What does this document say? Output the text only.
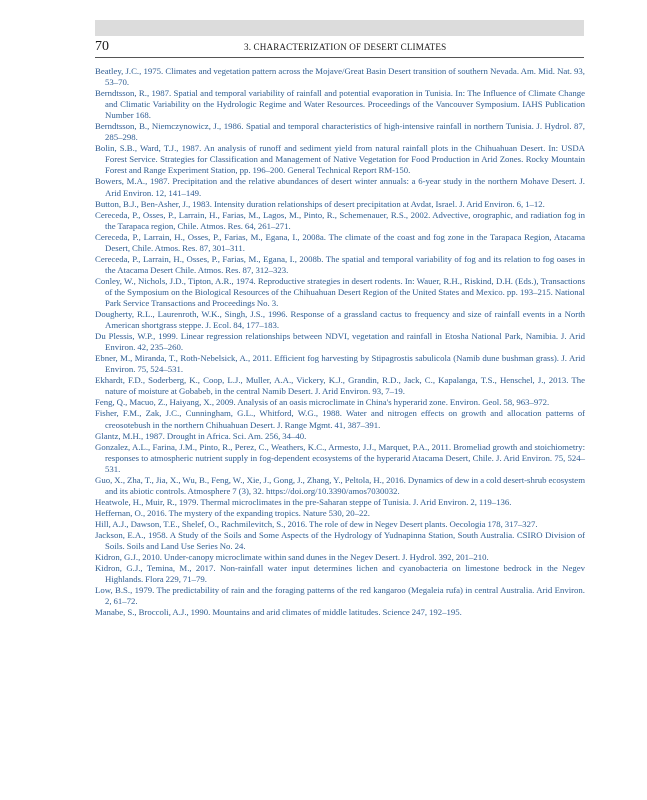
70	3. CHARACTERIZATION OF DESERT CLIMATES
Beatley, J.C., 1975. Climates and vegetation pattern across the Mojave/Great Basin Desert transition of southern Nevada. Am. Mid. Nat. 93, 53–70.
Berndtsson, R., 1987. Spatial and temporal variability of rainfall and potential evaporation in Tunisia. In: The Influence of Climate Change and Climatic Variability on the Hydrologic Regime and Water Resources. Proceedings of the Vancouver Symposium. IAHS Publication Number 168.
Berndtsson, B., Niemczynowicz, J., 1986. Spatial and temporal characteristics of high-intensive rainfall in northern Tunisia. J. Hydrol. 87, 285–298.
Bolin, S.B., Ward, T.J., 1987. An analysis of runoff and sediment yield from natural rainfall plots in the Chihuahuan Desert. In: USDA Forest Service. Strategies for Classification and Management of Native Vegetation for Food Production in Arid Zones. Rocky Mountain Forest and Range Experiment Station, pp. 196–200. General Technical Report RM-150.
Bowers, M.A., 1987. Precipitation and the relative abundances of desert winter annuals: a 6-year study in the northern Mohave Desert. J. Arid Environ. 12, 141–149.
Button, B.J., Ben-Asher, J., 1983. Intensity duration relationships of desert precipitation at Avdat, Israel. J. Arid Environ. 6, 1–12.
Cereceda, P., Osses, P., Larrain, H., Farias, M., Lagos, M., Pinto, R., Schemenauer, R.S., 2002. Advective, orographic, and radiation fog in the Tarapaca region, Chile. Atmos. Res. 64, 261–271.
Cereceda, P., Larrain, H., Osses, P., Farias, M., Egana, I., 2008a. The climate of the coast and fog zone in the Tarapaca Region, Atacama Desert, Chile. Atmos. Res. 87, 301–311.
Cereceda, P., Larrain, H., Osses, P., Farias, M., Egana, I., 2008b. The spatial and temporal variability of fog and its relation to fog oases in the Atacama Desert Chile. Atmos. Res. 87, 312–323.
Conley, W., Nichols, J.D., Tipton, A.R., 1974. Reproductive strategies in desert rodents. In: Wauer, R.H., Riskind, D.H. (Eds.), Transactions of the Symposium on the Biological Resources of the Chihuahuan Desert Region of the United States and Mexico. pp. 193–215. National Park Service Transactions and Proceedings No. 3.
Dougherty, R.L., Laurenroth, W.K., Singh, J.S., 1996. Response of a grassland cactus to frequency and size of rainfall events in a North American shortgrass steppe. J. Ecol. 84, 177–183.
Du Plessis, W.P., 1999. Linear regression relationships between NDVI, vegetation and rainfall in Etosha National Park, Namibia. J. Arid Environ. 42, 235–260.
Ebner, M., Miranda, T., Roth-Nebelsick, A., 2011. Efficient fog harvesting by Stipagrostis sabulicola (Namib dune bushman grass). J. Arid Environ. 75, 524–531.
Ekhardt, F.D., Soderberg, K., Coop, L.J., Muller, A.A., Vickery, K.J., Grandin, R.D., Jack, C., Kapalanga, T.S., Henschel, J., 2013. The nature of moisture at Gobabeb, in the central Namib Desert. J. Arid Environ. 93, 7–19.
Feng, Q., Macuo, Z., Haiyang, X., 2009. Analysis of an oasis microclimate in China's hyperarid zone. Environ. Geol. 58, 963–972.
Fisher, F.M., Zak, J.C., Cunningham, G.L., Whitford, W.G., 1988. Water and nitrogen effects on growth and allocation patterns of creosotebush in the northern Chihuahuan Desert. J. Range Mgmt. 41, 387–391.
Glantz, M.H., 1987. Drought in Africa. Sci. Am. 256, 34–40.
Gonzalez, A.L., Farina, J.M., Pinto, R., Perez, C., Weathers, K.C., Armesto, J.J., Marquet, P.A., 2011. Bromeliad growth and stoichiometry: responses to atmospheric nutrient supply in fog-dependent ecosystems of the hyperarid Atacama Desert, Chile. J. Arid Environ. 75, 524–531.
Guo, X., Zha, T., Jia, X., Wu, B., Feng, W., Xie, J., Gong, J., Zhang, Y., Peltola, H., 2016. Dynamics of dew in a cold desert-shrub ecosystem and its abiotic controls. Atmosphere 7 (3), 32. https://doi.org/10.3390/amos7030032.
Heatwole, H., Muir, R., 1979. Thermal microclimates in the pre-Saharan steppe of Tunisia. J. Arid Environ. 2, 119–136.
Heffernan, O., 2016. The mystery of the expanding tropics. Nature 530, 20–22.
Hill, A.J., Dawson, T.E., Shelef, O., Rachmilevitch, S., 2016. The role of dew in Negev Desert plants. Oecologia 178, 317–327.
Jackson, E.A., 1958. A Study of the Soils and Some Aspects of the Hydrology of Yudnapinna Station, South Australia. CSIRO Division of Soils. Soils and Land Use Series No. 24.
Kidron, G.J., 2010. Under-canopy microclimate within sand dunes in the Negev Desert. J. Hydrol. 392, 201–210.
Kidron, G.J., Temina, M., 2017. Non-rainfall water input determines lichen and cyanobacteria on limestone bedrock in the Negev Highlands. Flora 229, 71–79.
Low, B.S., 1979. The predictability of rain and the foraging patterns of the red kangaroo (Megaleia rufa) in central Australia. Arid Environ. 2, 61–72.
Manabe, S., Broccoli, A.J., 1990. Mountains and arid climates of middle latitudes. Science 247, 192–195.
